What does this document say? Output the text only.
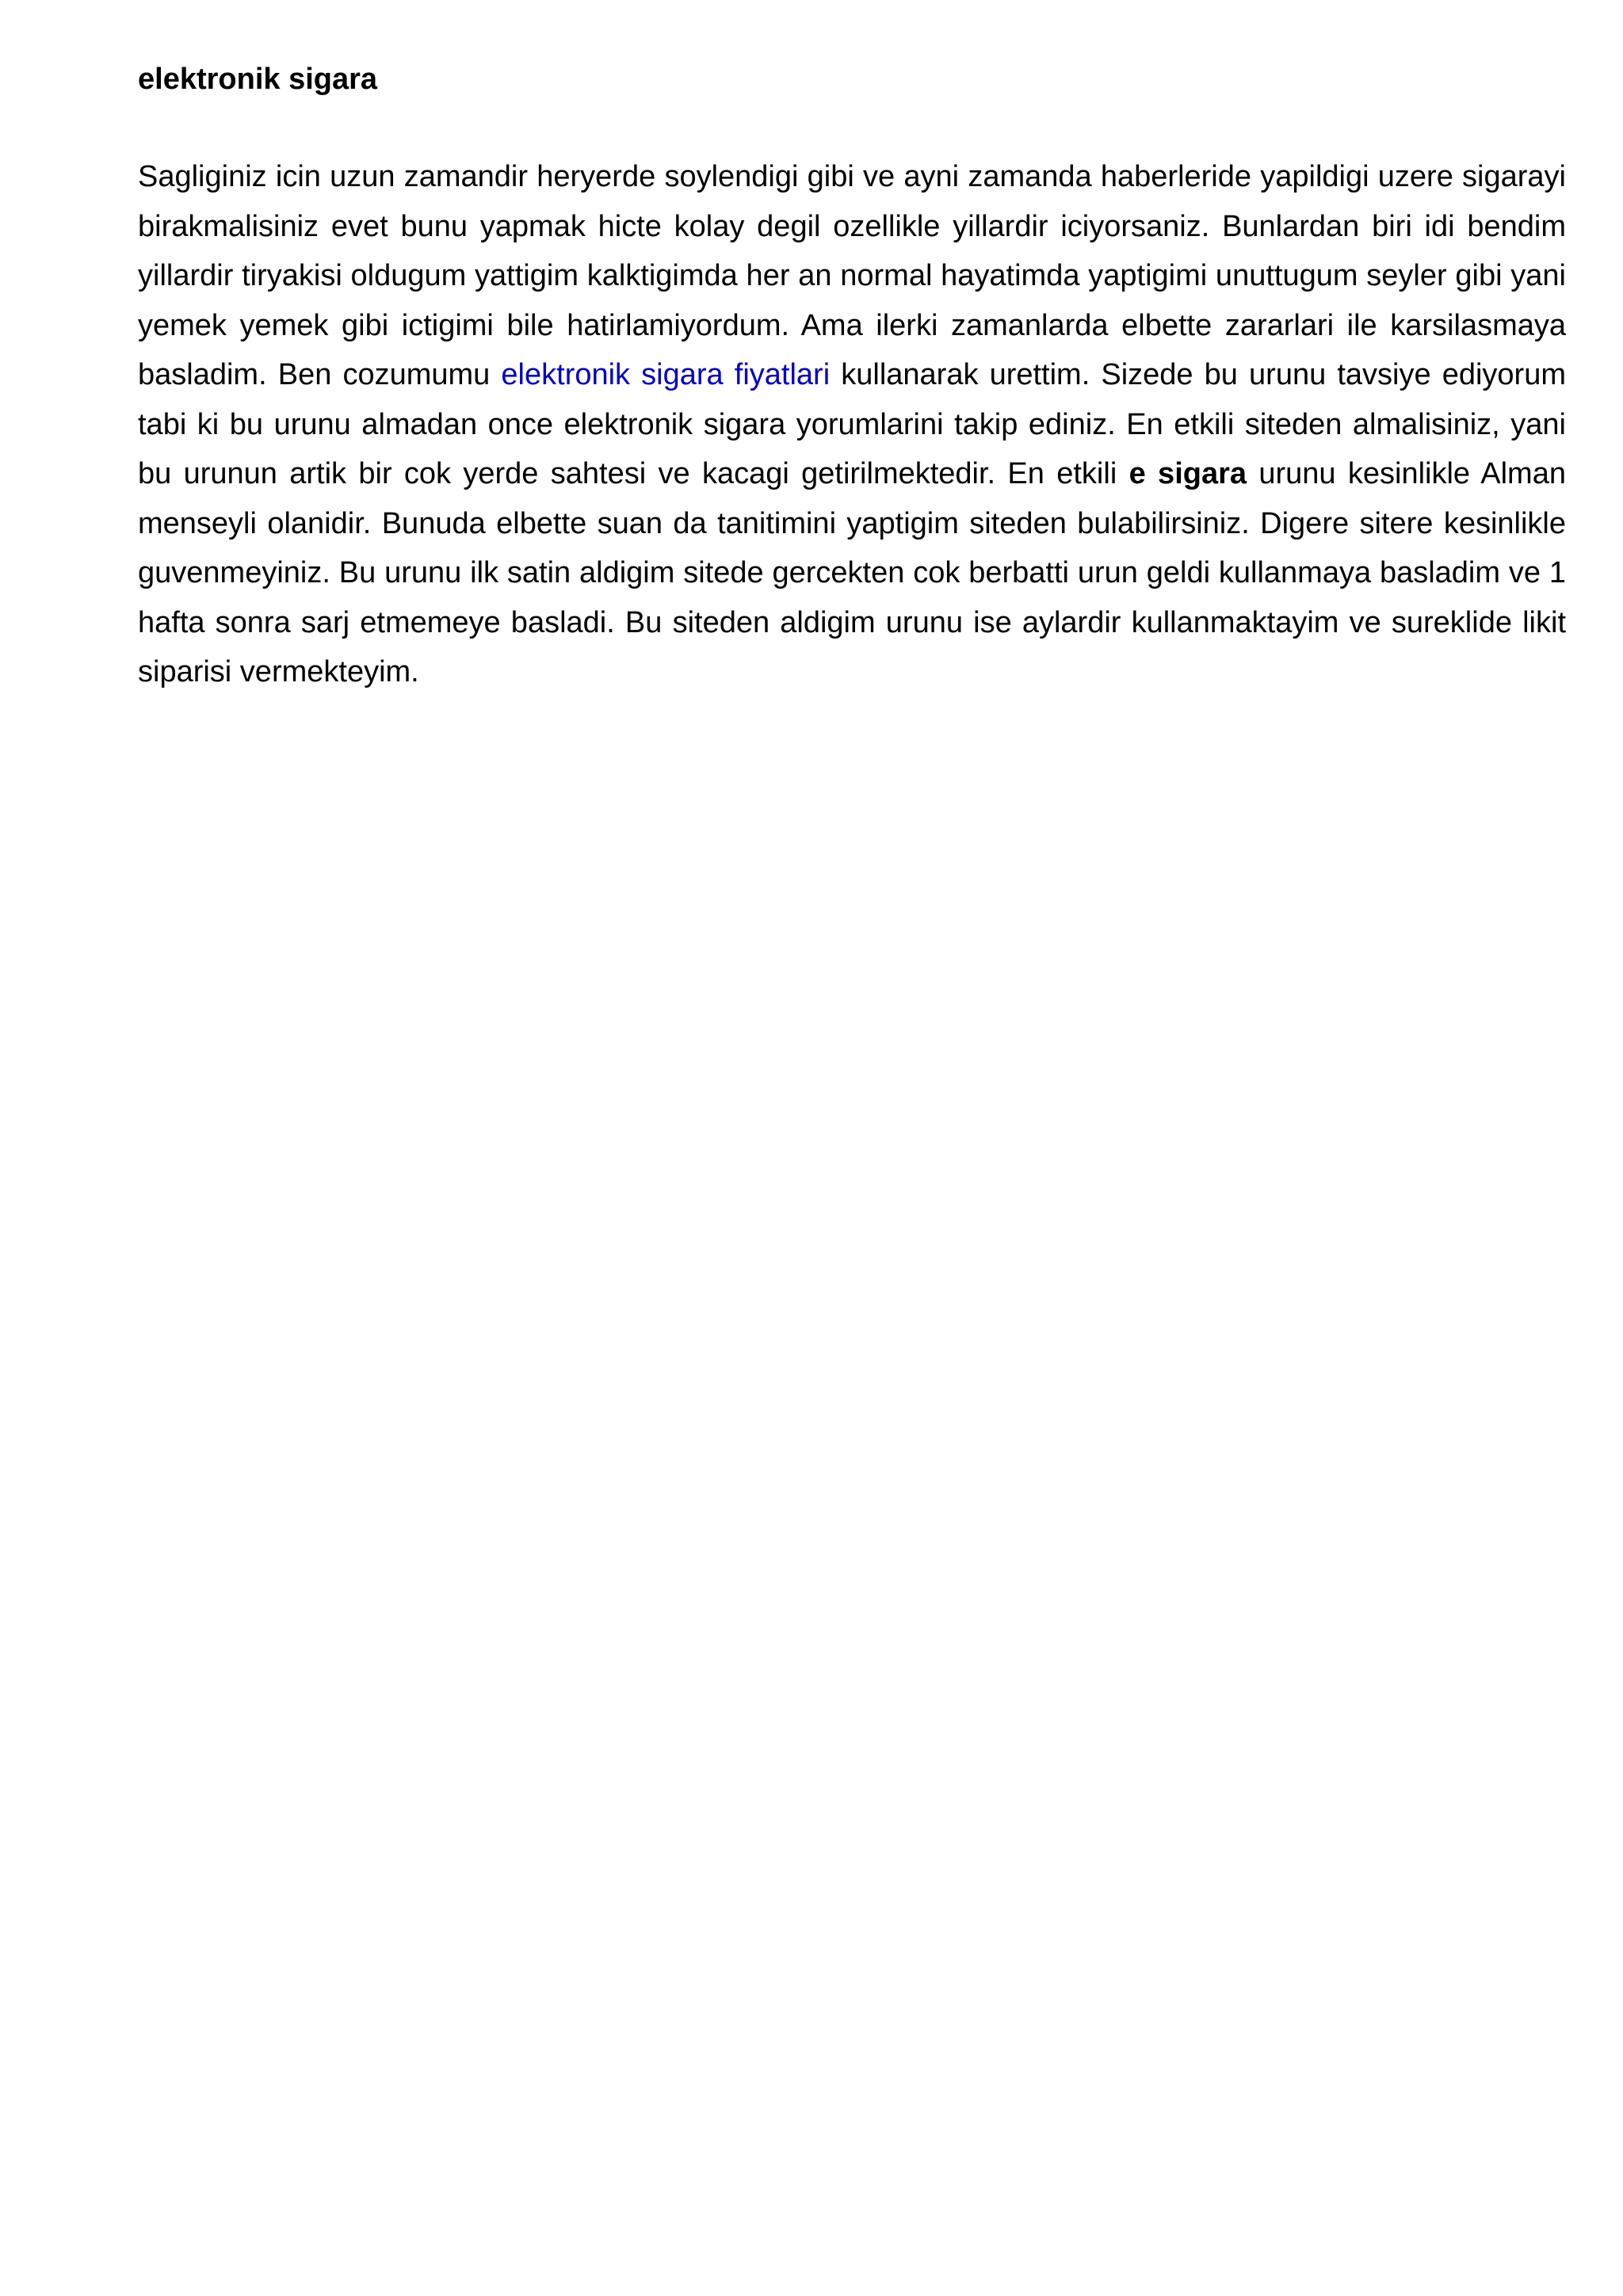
elektronik sigara

Sagliginiz icin uzun zamandir heryerde soylendigi gibi ve ayni zamanda haberleride yapildigi uzere sigarayi birakmalisiniz evet bunu yapmak hicte kolay degil ozellikle yillardir iciyorsaniz. Bunlardan biri idi bendim yillardir tiryakisi oldugum yattigim kalktigimda her an normal hayatimda yaptigimi unuttugum seyler gibi yani yemek yemek gibi ictigimi bile hatirlamiyordum. Ama ilerki zamanlarda elbette zararlari ile karsilasmaya basladim. Ben cozumumu elektronik sigara fiyatlari kullanarak urettim. Sizede bu urunu tavsiye ediyorum tabi ki bu urunu almadan once elektronik sigara yorumlarini takip ediniz. En etkili siteden almalisiniz, yani bu urunun artik bir cok yerde sahtesi ve kacagi getirilmektedir. En etkili e sigara urunu kesinlikle Alman menseyli olanidir. Bunuda elbette suan da tanitimini yaptigim siteden bulabilirsiniz. Digere sitere kesinlikle guvenmeyiniz. Bu urunu ilk satin aldigim sitede gercekten cok berbatti urun geldi kullanmaya basladim ve 1 hafta sonra sarj etmemeye basladi. Bu siteden aldigim urunu ise aylardir kullanmaktayim ve sureklide likit siparisi vermekteyim.
